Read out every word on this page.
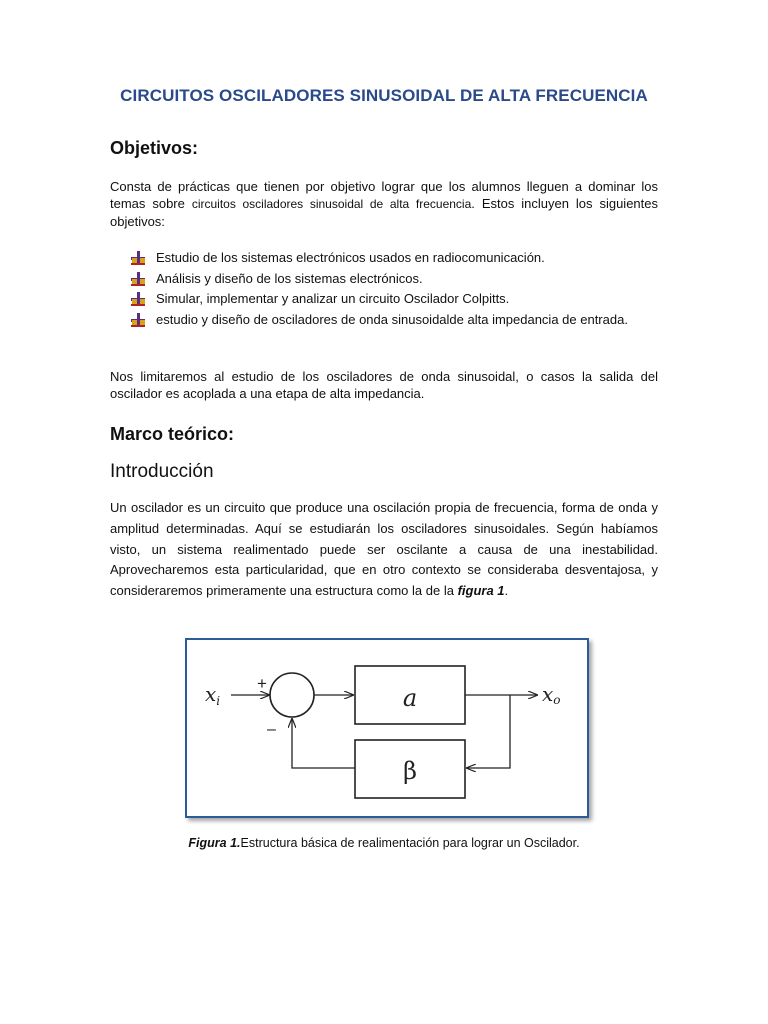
CIRCUITOS OSCILADORES SINUSOIDAL DE ALTA FRECUENCIA
Objetivos:
Consta de prácticas que tienen por objetivo lograr que los alumnos lleguen a dominar los temas sobre circuitos osciladores sinusoidal de alta frecuencia. Estos incluyen los siguientes objetivos:
Estudio de los sistemas electrónicos usados en radiocomunicación.
Análisis y diseño de los sistemas electrónicos.
Simular, implementar y analizar un circuito Oscilador Colpitts.
estudio y diseño de osciladores de onda sinusoidalde alta impedancia de entrada.
Nos limitaremos al estudio de los osciladores de onda sinusoidal, o casos la salida del oscilador es acoplada a una etapa de alta impedancia.
Marco teórico:
Introducción
Un oscilador es un circuito que produce una oscilación propia de frecuencia, forma de onda y amplitud determinadas. Aquí se estudiarán los osciladores sinusoidales. Según habíamos visto, un sistema realimentado puede ser oscilante a causa de una inestabilidad. Aprovecharemos esta particularidad, que en otro contexto se consideraba desventajosa, y consideraremos primeramente una estructura como la de la figura 1.
$x_i$
+
–
a	xo
β
Figura 1.Estructura básica de realimentación para lograr un Oscilador.
